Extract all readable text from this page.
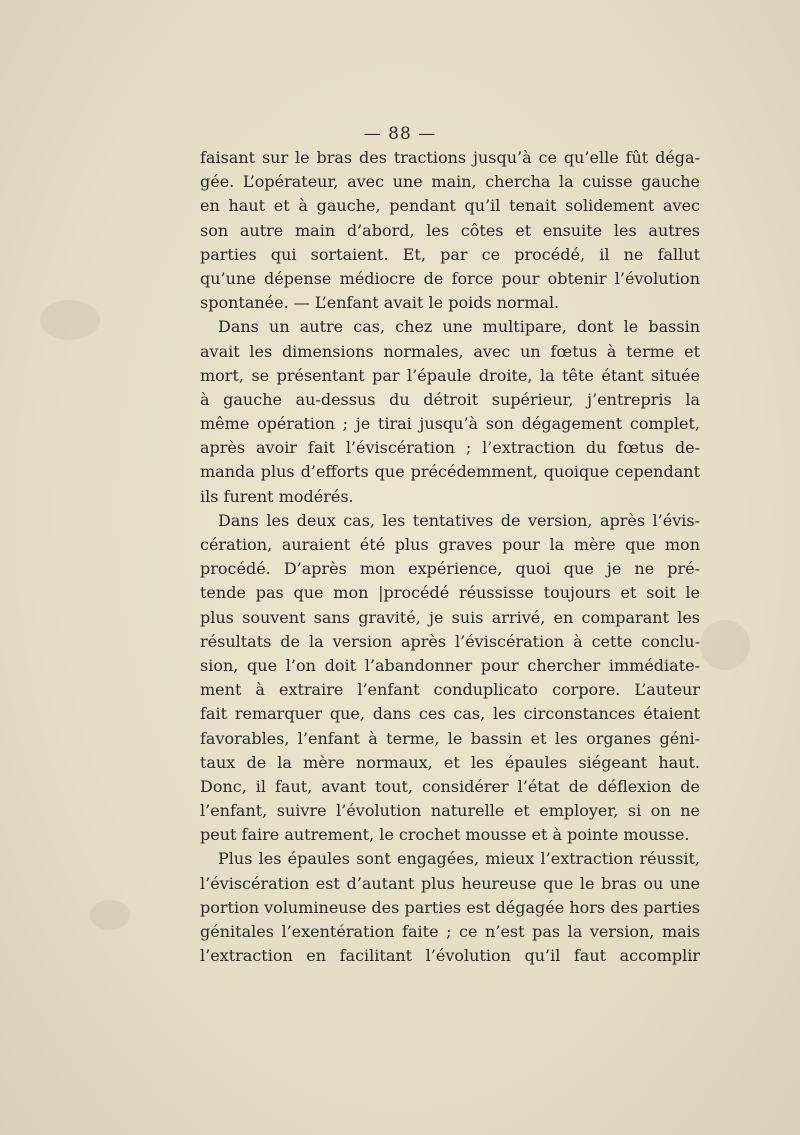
— 88 —
faisant sur le bras des tractions jusqu’à ce qu’elle fût déga-
gée. L’opérateur, avec une main, chercha la cuisse gauche
en haut et à gauche, pendant qu’il tenait solidement avec
son autre main d’abord, les côtes et ensuite les autres
parties qui sortaient. Et, par ce procédé, il ne fallut
qu’une dépense médiocre de force pour obtenir l’évolution
spontanée. — L’enfant avait le poids normal.
Dans un autre cas, chez une multipare, dont le bassin
avait les dimensions normales, avec un fœtus à terme et
mort, se présentant par l’épaule droite, la tête étant située
à gauche au-dessus du détroit supérieur, j’entrepris la
même opération ; je tirai jusqu’à son dégagement complet,
après avoir fait l’éviscération ; l’extraction du fœtus de-
manda plus d’efforts que précédemment, quoique cependant
ils furent modérés.
Dans les deux cas, les tentatives de version, après l’évis-
cération, auraient été plus graves pour la mère que mon
procédé. D’après mon expérience, quoi que je ne pré-
tende pas que mon |procédé réussisse toujours et soit le
plus souvent sans gravité, je suis arrivé, en comparant les
résultats de la version après l’éviscération à cette conclu-
sion, que l’on doit l’abandonner pour chercher immédiate-
ment à extraire l’enfant conduplicato corpore. L’auteur
fait remarquer que, dans ces cas, les circonstances étaient
favorables, l’enfant à terme, le bassin et les organes géni-
taux de la mère normaux, et les épaules siégeant haut.
Donc, il faut, avant tout, considérer l’état de déflexion de
l’enfant, suivre l’évolution naturelle et employer, si on ne
peut faire autrement, le crochet mousse et à pointe mousse.
Plus les épaules sont engagées, mieux l’extraction réussit,
l’éviscération est d’autant plus heureuse que le bras ou une
portion volumineuse des parties est dégagée hors des parties
génitales l’exentération faite ; ce n’est pas la version, mais
l’extraction en facilitant l’évolution qu’il faut accomplir
